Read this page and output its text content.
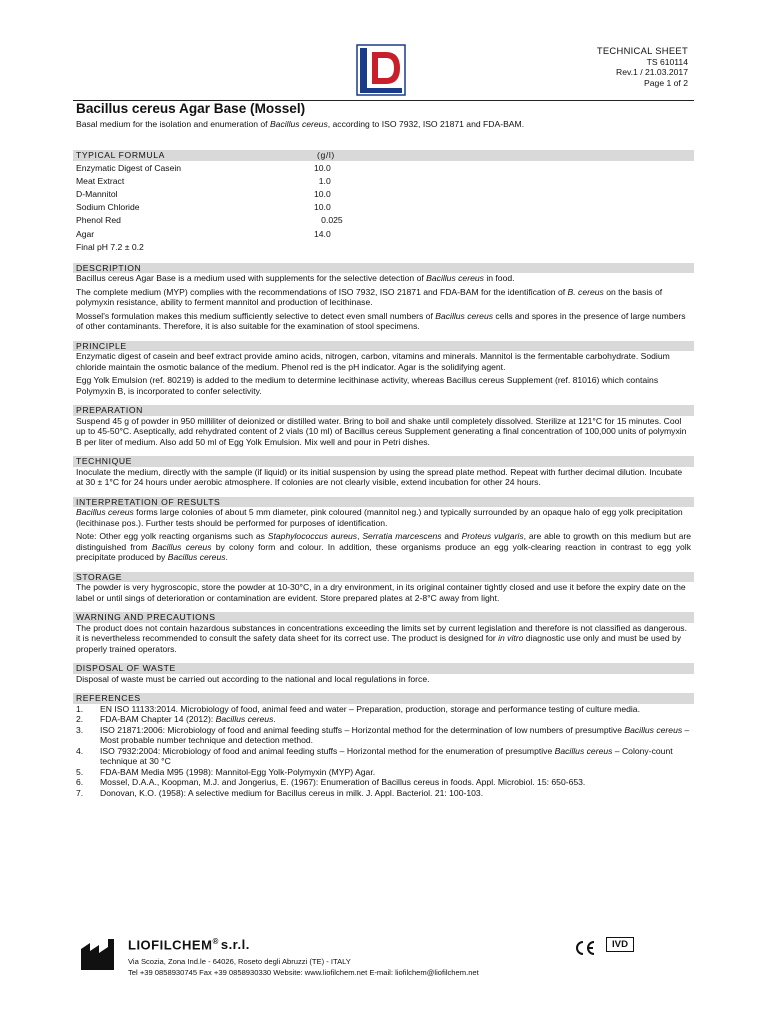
TECHNICAL SHEET
TS 610114
Rev.1 / 21.03.2017
Page 1 of 2
Bacillus cereus Agar Base (Mossel)

Basal medium for the isolation and enumeration of Bacillus cereus, according to ISO 7932, ISO 21871 and FDA-BAM.

TYPICAL FORMULA	(g/l)
Enzymatic Digest of Casein	10.0
Meat Extract	1.0
D-Mannitol	10.0
Sodium Chloride	10.0
Phenol Red	0.025
Agar	14.0
Final pH 7.2 ± 0.2
DESCRIPTION

Bacillus cereus Agar Base is a medium used with supplements for the selective detection of Bacillus cereus in food.

The complete medium (MYP) complies with the recommendations of ISO 7932, ISO 21871 and FDA-BAM for the identification of B. cereus on the basis of polymyxin resistance, ability to ferment mannitol and production of lecithinase.

Mossel's formulation makes this medium sufficiently selective to detect even small numbers of Bacillus cereus cells and spores in the presence of large numbers of other contaminants. Therefore, it is also suitable for the examination of stool specimens.

PRINCIPLE

Enzymatic digest of casein and beef extract provide amino acids, nitrogen, carbon, vitamins and minerals. Mannitol is the fermentable carbohydrate. Sodium chloride maintain the osmotic balance of the medium. Phenol red is the pH indicator. Agar is the solidifying agent.

Egg Yolk Emulsion (ref. 80219) is added to the medium to determine lecithinase activity, whereas Bacillus cereus Supplement (ref. 81016) which contains Polymyxin B, is incorporated to confer selectivity.

PREPARATION

Suspend 45 g of powder in 950 milliliter of deionized or distilled water. Bring to boil and shake until completely dissolved. Sterilize at 121°C for 15 minutes. Cool up to 45-50°C. Aseptically, add rehydrated content of 2 vials (10 ml) of Bacillus cereus Supplement generating a final concentration of 100,000 units of polymyxin B per liter of medium. Also add 50 ml of Egg Yolk Emulsion. Mix well and pour in Petri dishes.

TECHNIQUE

Inoculate the medium, directly with the sample (if liquid) or its initial suspension by using the spread plate method. Repeat with further decimal dilution. Incubate at 30 ± 1°C for 24 hours under aerobic atmosphere. If colonies are not clearly visible, extend incubation for other 24 hours.

INTERPRETATION OF RESULTS

Bacillus cereus forms large colonies of about 5 mm diameter, pink coloured (mannitol neg.) and typically surrounded by an opaque halo of egg yolk precipitation (lecithinase pos.). Further tests should be performed for purposes of identification.

Note: Other egg yolk reacting organisms such as Staphylococcus aureus, Serratia marcescens and Proteus vulgaris, are able to growth on this medium but are distinguished from Bacillus cereus by colony form and colour. In addition, these organisms produce an egg yolk-clearing reaction in contrast to egg yolk precipitate produced by Bacillus cereus.

STORAGE

The powder is very hygroscopic, store the powder at 10-30°C, in a dry environment, in its original container tightly closed and use it before the expiry date on the label or until sings of deterioration or contamination are evident. Store prepared plates at 2-8°C away from light.

WARNING AND PRECAUTIONS

The product does not contain hazardous substances in concentrations exceeding the limits set by current legislation and therefore is not classified as dangerous. it is nevertheless recommended to consult the safety data sheet for its correct use. The product is designed for in vitro diagnostic use only and must be used by properly trained operators.

DISPOSAL OF WASTE

Disposal of waste must be carried out according to the national and local regulations in force.

REFERENCES
1.	EN ISO 11133:2014. Microbiology of food, animal feed and water – Preparation, production, storage and performance testing of culture media.
2.	FDA-BAM Chapter 14 (2012): Bacillus cereus.
3.	ISO 21871:2006: Microbiology of food and animal feeding stuffs – Horizontal method for the determination of low numbers of presumptive Bacillus cereus – Most probable number technique and detection method.
4.	ISO 7932:2004: Microbiology of food and animal feeding stuffs – Horizontal method for the enumeration of presumptive Bacillus cereus – Colony-count technique at 30 °C
5.	FDA-BAM Media M95 (1998): Mannitol-Egg Yolk-Polymyxin (MYP) Agar.
6.	Mossel, D.A.A., Koopman, M.J. and Jongerius, E. (1967): Enumeration of Bacillus cereus in foods. Appl. Microbiol. 15: 650-653.
7.	Donovan, K.O. (1958): A selective medium for Bacillus cereus in milk. J. Appl. Bacteriol. 21: 100-103.
LIOFILCHEM® s.r.l.
Via Scozia, Zona Ind.le - 64026, Roseto degli Abruzzi (TE) - ITALY
Tel +39 0858930745 Fax +39 0858930330 Website: www.liofilchem.net E-mail: liofilchem@liofilchem.net
IVD
